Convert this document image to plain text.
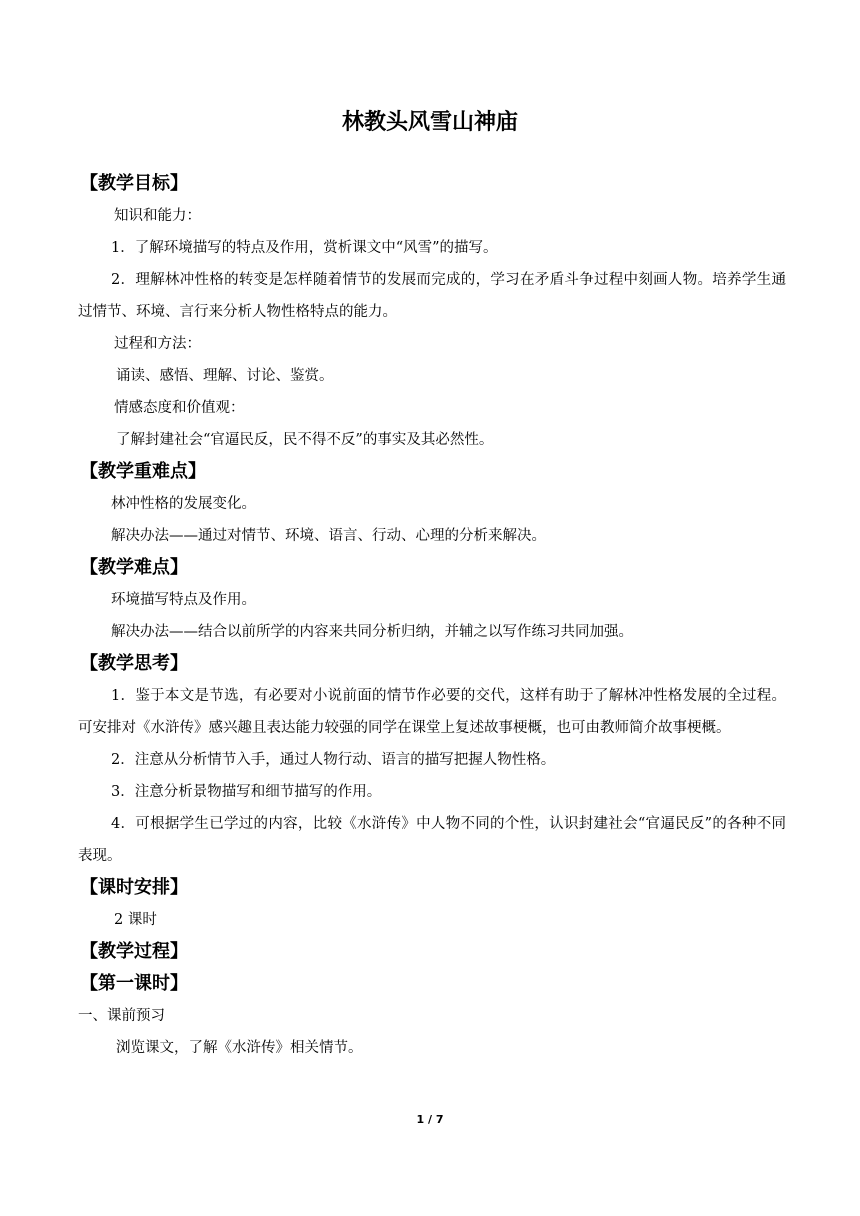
林教头风雪山神庙
【教学目标】

知识和能力：

1．了解环境描写的特点及作用，赏析课文中“风雪”的描写。

2．理解林冲性格的转变是怎样随着情节的发展而完成的，学习在矛盾斗争过程中刻画人物。培养学生通过情节、环境、言行来分析人物性格特点的能力。

过程和方法：

诵读、感悟、理解、讨论、鉴赏。

情感态度和价值观：

了解封建社会“官逼民反，民不得不反”的事实及其必然性。

【教学重难点】

林冲性格的发展变化。

解决办法——通过对情节、环境、语言、行动、心理的分析来解决。

【教学难点】

环境描写特点及作用。

解决办法——结合以前所学的内容来共同分析归纳，并辅之以写作练习共同加强。

【教学思考】

1．鉴于本文是节选，有必要对小说前面的情节作必要的交代，这样有助于了解林冲性格发展的全过程。可安排对《水浒传》感兴趣且表达能力较强的同学在课堂上复述故事梗概，也可由教师简介故事梗概。

2．注意从分析情节入手，通过人物行动、语言的描写把握人物性格。

3．注意分析景物描写和细节描写的作用。

4．可根据学生已学过的内容，比较《水浒传》中人物不同的个性，认识封建社会“官逼民反”的各种不同表现。

【课时安排】

2 课时

【教学过程】
【第一课时】

一、课前预习

浏览课文，了解《水浒传》相关情节。

1 / 7
